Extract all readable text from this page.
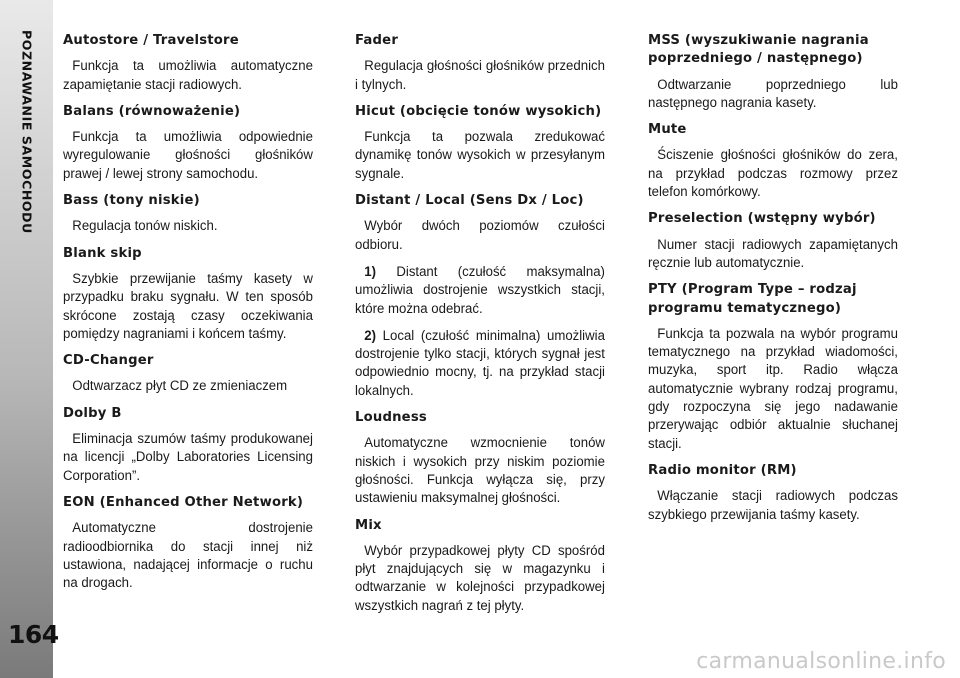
POZNAWANIE SAMOCHODU
164
Autostore / Travelstore
Funkcja ta umożliwia automatyczne zapamiętanie stacji radiowych.
Balans (równoważenie)
Funkcja ta umożliwia odpowiednie wyregulowanie głośności głośników prawej / lewej strony samochodu.
Bass (tony niskie)
Regulacja tonów niskich.
Blank skip
Szybkie przewijanie taśmy kasety w przypadku braku sygnału. W ten sposób skrócone zostają czasy oczekiwania pomiędzy nagraniami i końcem taśmy.
CD-Changer
Odtwarzacz płyt CD ze zmieniaczem
Dolby B
Eliminacja szumów taśmy produkowanej na licencji „Dolby Laboratories Licensing Corporation”.
EON (Enhanced Other Network)
Automatyczne dostrojenie radioodbiornika do stacji innej niż ustawiona, nadającej informacje o ruchu na drogach.
Fader
Regulacja głośności głośników przednich i tylnych.
Hicut (obcięcie tonów wysokich)
Funkcja ta pozwala zredukować dynamikę tonów wysokich w przesyłanym sygnale.
Distant / Local (Sens Dx / Loc)
Wybór dwóch poziomów czułości odbioru.
1) Distant (czułość maksymalna) umożliwia dostrojenie wszystkich stacji, które można odebrać.
2) Local (czułość minimalna) umożliwia dostrojenie tylko stacji, których sygnał jest odpowiednio mocny, tj. na przykład stacji lokalnych.
Loudness
Automatyczne wzmocnienie tonów niskich i wysokich przy niskim poziomie głośności. Funkcja wyłącza się, przy ustawieniu maksymalnej głośności.
Mix
Wybór przypadkowej płyty CD spośród płyt znajdujących się w magazynku i odtwarzanie w kolejności przypadkowej wszystkich nagrań z tej płyty.
MSS (wyszukiwanie nagrania poprzedniego / następnego)
Odtwarzanie poprzedniego lub następnego nagrania kasety.
Mute
Ściszenie głośności głośników do zera, na przykład podczas rozmowy przez telefon komórkowy.
Preselection (wstępny wybór)
Numer stacji radiowych zapamiętanych ręcznie lub automatycznie.
PTY (Program Type – rodzaj programu tematycznego)
Funkcja ta pozwala na wybór programu tematycznego na przykład wiadomości, muzyka, sport itp. Radio włącza automatycznie wybrany rodzaj programu, gdy rozpoczyna się jego nadawanie przerywając odbiór aktualnie słuchanej stacji.
Radio monitor (RM)
Włączanie stacji radiowych podczas szybkiego przewijania taśmy kasety.
carmanualsonline.info
